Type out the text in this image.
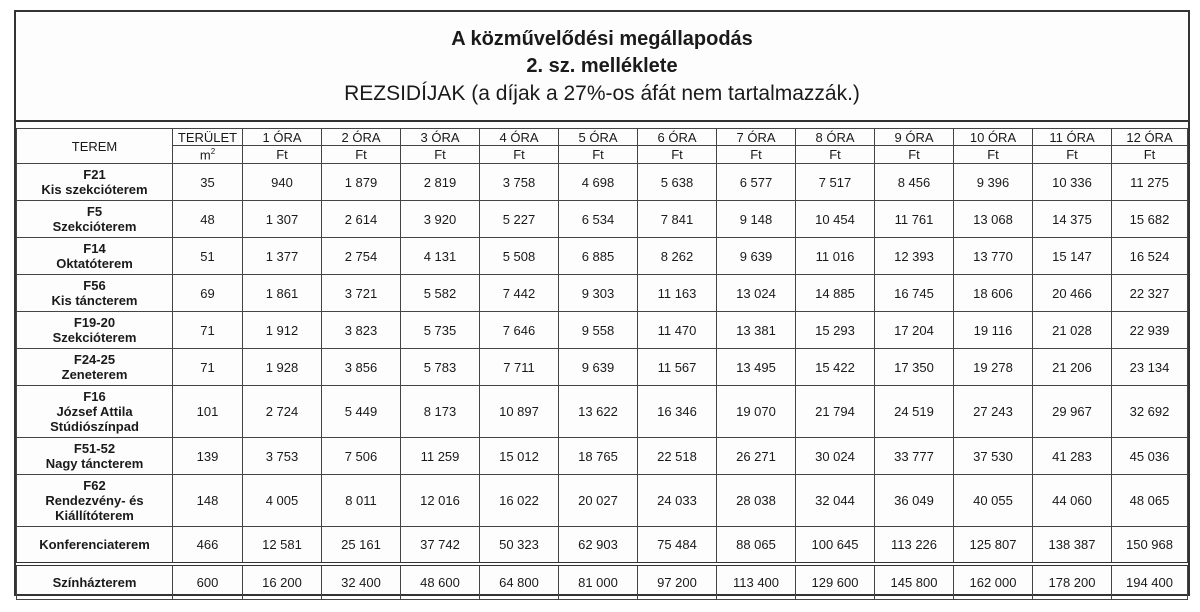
A közművelődési megállapodás
2. sz. melléklete
REZSIDÍJAK (a díjak a 27%-os áfát nem tartalmazzák.)
TEREM	TERÜLET	1 ÓRA	2 ÓRA	3 ÓRA	4 ÓRA	5 ÓRA	6 ÓRA	7 ÓRA	8 ÓRA	9 ÓRA	10 ÓRA	11 ÓRA	12 ÓRA
	$m^2$	Ft	Ft	Ft	Ft	Ft	Ft	Ft	Ft	Ft	Ft	Ft	Ft
F21
Kis szekcióterem	35	940	1 879	2 819	3 758	4 698	5 638	6 577	7 517	8 456	9 396	10 336	11 275
F5
Szekcióterem	48	1 307	2 614	3 920	5 227	6 534	7 841	9 148	10 454	11 761	13 068	14 375	15 682
F14
Oktatóterem	51	1 377	2 754	4 131	5 508	6 885	8 262	9 639	11 016	12 393	13 770	15 147	16 524
F56
Kis táncterem	69	1 861	3 721	5 582	7 442	9 303	11 163	13 024	14 885	16 745	18 606	20 466	22 327
F19-20
Szekcióterem	71	1 912	3 823	5 735	7 646	9 558	11 470	13 381	15 293	17 204	19 116	21 028	22 939
F24-25
Zeneterem	71	1 928	3 856	5 783	7 711	9 639	11 567	13 495	15 422	17 350	19 278	21 206	23 134
F16
József Attila
Stúdiószínpad	101	2 724	5 449	8 173	10 897	13 622	16 346	19 070	21 794	24 519	27 243	29 967	32 692
F51-52
Nagy táncterem	139	3 753	7 506	11 259	15 012	18 765	22 518	26 271	30 024	33 777	37 530	41 283	45 036
F62
Rendezvény- és
Kiállítóterem	148	4 005	8 011	12 016	16 022	20 027	24 033	28 038	32 044	36 049	40 055	44 060	48 065
Konferenciaterem	466	12 581	25 161	37 742	50 323	62 903	75 484	88 065	100 645	113 226	125 807	138 387	150 968
Színházterem	600	16 200	32 400	48 600	64 800	81 000	97 200	113 400	129 600	145 800	162 000	178 200	194 400
